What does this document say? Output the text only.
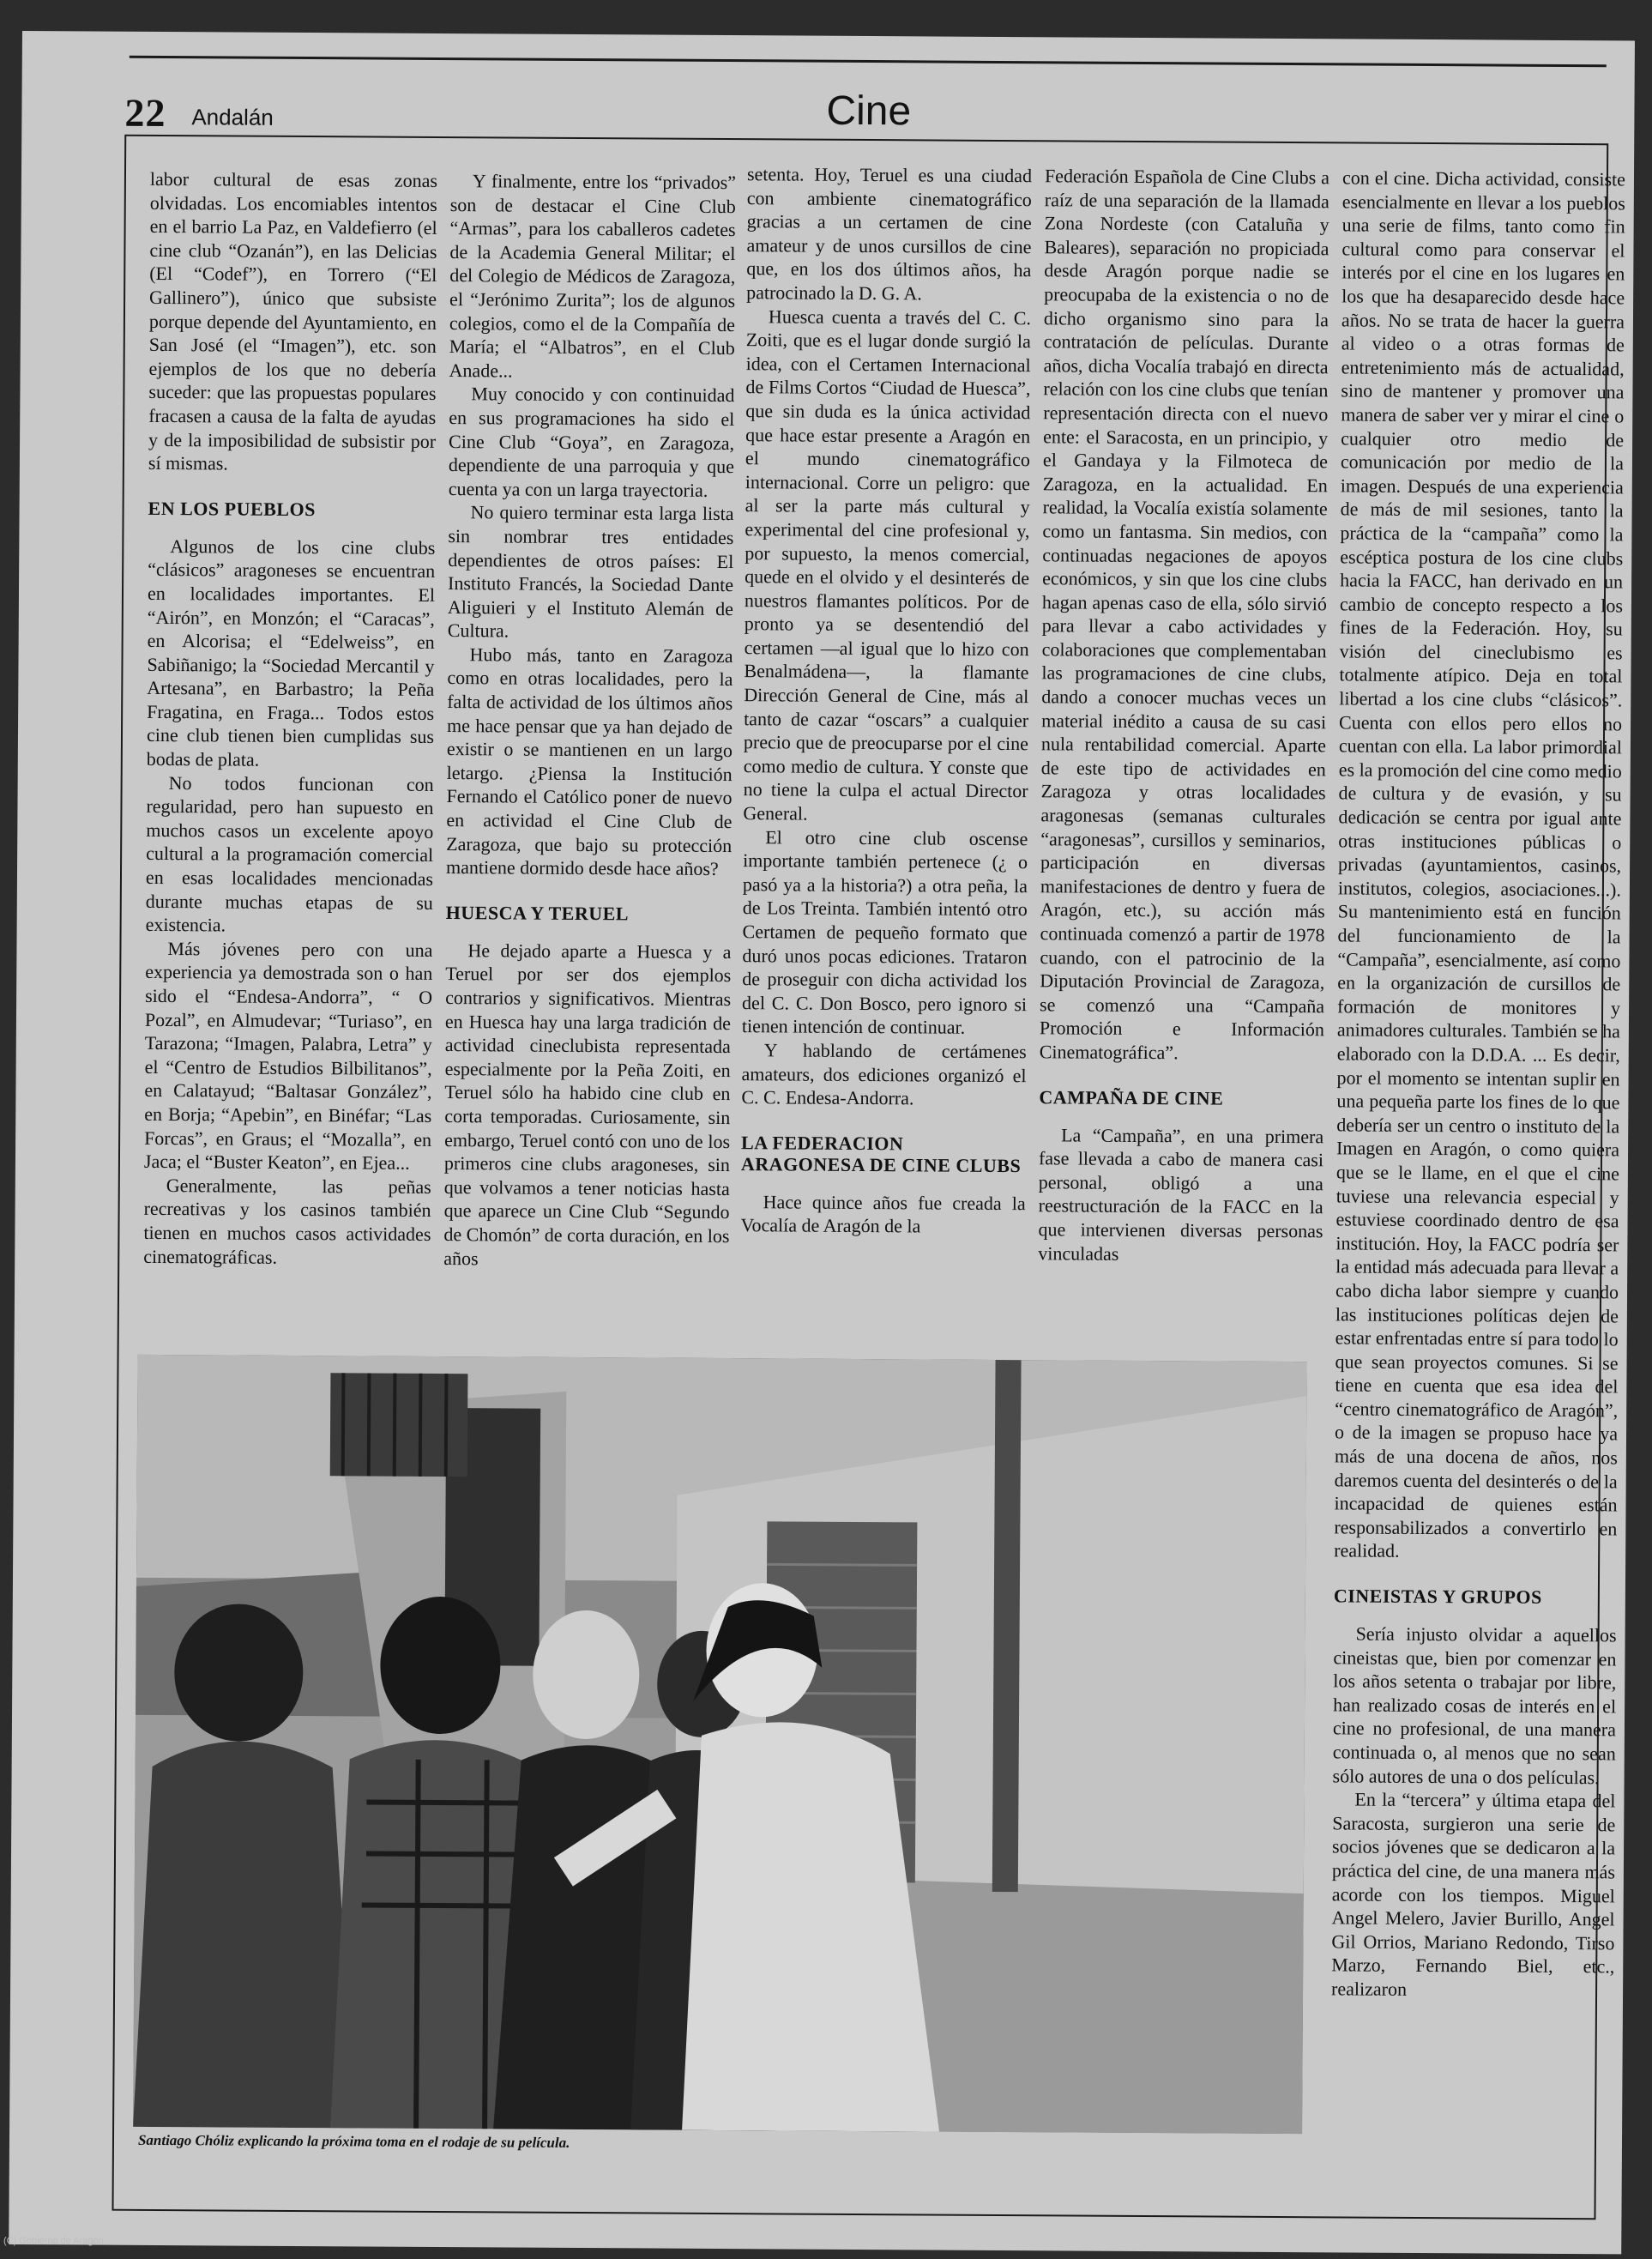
22 Andalán	Cine

labor cultural de esas zonas olvidadas. Los encomiables intentos en el barrio La Paz, en Valdefierro (el cine club “Ozanán”), en las Delicias (El “Codef”), en Torrero (“El Gallinero”), único que subsiste porque depende del Ayuntamiento, en San José (el “Imagen”), etc. son ejemplos de los que no debería suceder: que las propuestas populares fracasen a causa de la falta de ayudas y de la imposibilidad de subsistir por sí mismas.

EN LOS PUEBLOS

Algunos de los cine clubs “clásicos” aragoneses se encuentran en localidades importantes. El “Airón”, en Monzón; el “Caracas”, en Alcorisa; el “Edelweiss”, en Sabiñanigo; la “Sociedad Mercantil y Artesana”, en Barbastro; la Peña Fragatina, en Fraga... Todos estos cine club tienen bien cumplidas sus bodas de plata.

No todos funcionan con regularidad, pero han supuesto en muchos casos un excelente apoyo cultural a la programación comercial en esas localidades mencionadas durante muchas etapas de su existencia.

Más jóvenes pero con una experiencia ya demostrada son o han sido el “Endesa-Andorra”, “ O Pozal”, en Almudevar; “Turiaso”, en Tarazona; “Imagen, Palabra, Letra” y el “Centro de Estudios Bilbilitanos”, en Calatayud; “Baltasar González”, en Borja; “Apebin”, en Binéfar; “Las Forcas”, en Graus; el “Mozalla”, en Jaca; el “Buster Keaton”, en Ejea...

Generalmente, las peñas recreativas y los casinos también tienen en muchos casos actividades cinematográficas.

Y finalmente, entre los “privados” son de destacar el Cine Club “Armas”, para los caballeros cadetes de la Academia General Militar; el del Colegio de Médicos de Zaragoza, el “Jerónimo Zurita”; los de algunos colegios, como el de la Compañía de María; el “Albatros”, en el Club Anade...

Muy conocido y con continuidad en sus programaciones ha sido el Cine Club “Goya”, en Zaragoza, dependiente de una parroquia y que cuenta ya con un larga trayectoria.

No quiero terminar esta larga lista sin nombrar tres entidades dependientes de otros países: El Instituto Francés, la Sociedad Dante Aliguieri y el Instituto Alemán de Cultura.

Hubo más, tanto en Zaragoza como en otras localidades, pero la falta de actividad de los últimos años me hace pensar que ya han dejado de existir o se mantienen en un largo letargo. ¿Piensa la Institución Fernando el Católico poner de nuevo en actividad el Cine Club de Zaragoza, que bajo su protección mantiene dormido desde hace años?

HUESCA Y TERUEL

He dejado aparte a Huesca y a Teruel por ser dos ejemplos contrarios y significativos. Mientras en Huesca hay una larga tradición de actividad cineclubista representada especialmente por la Peña Zoiti, en Teruel sólo ha habido cine club en corta temporadas. Curiosamente, sin embargo, Teruel contó con uno de los primeros cine clubs aragoneses, sin que volvamos a tener noticias hasta que aparece un Cine Club “Segundo de Chomón” de corta duración, en los años

setenta. Hoy, Teruel es una ciudad con ambiente cinematográfico gracias a un certamen de cine amateur y de unos cursillos de cine que, en los dos últimos años, ha patrocinado la D. G. A.

Huesca cuenta a través del C. C. Zoiti, que es el lugar donde surgió la idea, con el Certamen Internacional de Films Cortos “Ciudad de Huesca”, que sin duda es la única actividad que hace estar presente a Aragón en el mundo cinematográfico internacional. Corre un peligro: que al ser la parte más cultural y experimental del cine profesional y, por supuesto, la menos comercial, quede en el olvido y el desinterés de nuestros flamantes políticos. Por de pronto ya se desentendió del certamen —al igual que lo hizo con Benalmádena—, la flamante Dirección General de Cine, más al tanto de cazar “oscars” a cualquier precio que de preocuparse por el cine como medio de cultura. Y conste que no tiene la culpa el actual Director General.

El otro cine club oscense importante también pertenece (¿ o pasó ya a la historia?) a otra peña, la de Los Treinta. También intentó otro Certamen de pequeño formato que duró unos pocas ediciones. Trataron de proseguir con dicha actividad los del C. C. Don Bosco, pero ignoro si tienen intención de continuar.

Y hablando de certámenes amateurs, dos ediciones organizó el C. C. Endesa-Andorra.

LA FEDERACION ARAGONESA DE CINE CLUBS

Hace quince años fue creada la Vocalía de Aragón de la

Federación Española de Cine Clubs a raíz de una separación de la llamada Zona Nordeste (con Cataluña y Baleares), separación no propiciada desde Aragón porque nadie se preocupaba de la existencia o no de dicho organismo sino para la contratación de películas. Durante años, dicha Vocalía trabajó en directa relación con los cine clubs que tenían representación directa con el nuevo ente: el Saracosta, en un principio, y el Gandaya y la Filmoteca de Zaragoza, en la actualidad. En realidad, la Vocalía existía solamente como un fantasma. Sin medios, con continuadas negaciones de apoyos económicos, y sin que los cine clubs hagan apenas caso de ella, sólo sirvió para llevar a cabo actividades y colaboraciones que complementaban las programaciones de cine clubs, dando a conocer muchas veces un material inédito a causa de su casi nula rentabilidad comercial. Aparte de este tipo de actividades en Zaragoza y otras localidades aragonesas (semanas culturales “aragonesas”, cursillos y seminarios, participación en diversas manifestaciones de dentro y fuera de Aragón, etc.), su acción más continuada comenzó a partir de 1978 cuando, con el patrocinio de la Diputación Provincial de Zaragoza, se comenzó una “Campaña Promoción e Información Cinematográfica”.

CAMPAÑA DE CINE

La “Campaña”, en una primera fase llevada a cabo de manera casi personal, obligó a una reestructuración de la FACC en la que intervienen diversas personas vinculadas

con el cine. Dicha actividad, consiste esencialmente en llevar a los pueblos una serie de films, tanto como fin cultural como para conservar el interés por el cine en los lugares en los que ha desaparecido desde hace años. No se trata de hacer la guerra al video o a otras formas de entretenimiento más de actualidad, sino de mantener y promover una manera de saber ver y mirar el cine o cualquier otro medio de comunicación por medio de la imagen. Después de una experiencia de más de mil sesiones, tanto la práctica de la “campaña” como la escéptica postura de los cine clubs hacia la FACC, han derivado en un cambio de concepto respecto a los fines de la Federación. Hoy, su visión del cineclubismo es totalmente atípico. Deja en total libertad a los cine clubs “clásicos”. Cuenta con ellos pero ellos no cuentan con ella. La labor primordial es la promoción del cine como medio de cultura y de evasión, y su dedicación se centra por igual ante otras instituciones públicas o privadas (ayuntamientos, casinos, institutos, colegios, asociaciones...). Su mantenimiento está en función del funcionamiento de la “Campaña”, esencialmente, así como en la organización de cursillos de formación de monitores y animadores culturales. También se ha elaborado con la D.D.A. ... Es decir, por el momento se intentan suplir en una pequeña parte los fines de lo que debería ser un centro o instituto de la Imagen en Aragón, o como quiera que se le llame, en el que el cine tuviese una relevancia especial y estuviese coordinado dentro de esa institución. Hoy, la FACC podría ser la entidad más adecuada para llevar a cabo dicha labor siempre y cuando las instituciones políticas dejen de estar enfrentadas entre sí para todo lo que sean proyectos comunes. Si se tiene en cuenta que esa idea del “centro cinematográfico de Aragón”, o de la imagen se propuso hace ya más de una docena de años, nos daremos cuenta del desinterés o de la incapacidad de quienes están responsabilizados a convertirlo en realidad.

CINEISTAS Y GRUPOS

Sería injusto olvidar a aquellos cineistas que, bien por comenzar en los años setenta o trabajar por libre, han realizado cosas de interés en el cine no profesional, de una manera continuada o, al menos que no sean sólo autores de una o dos películas.

En la “tercera” y última etapa del Saracosta, surgieron una serie de socios jóvenes que se dedicaron a la práctica del cine, de una manera más acorde con los tiempos. Miguel Angel Melero, Javier Burillo, Angel Gil Orrios, Mariano Redondo, Tirso Marzo, Fernando Biel, etc., realizaron

Santiago Chóliz explicando la próxima toma en el rodaje de su película.
(C) Gobierno de Aragón
